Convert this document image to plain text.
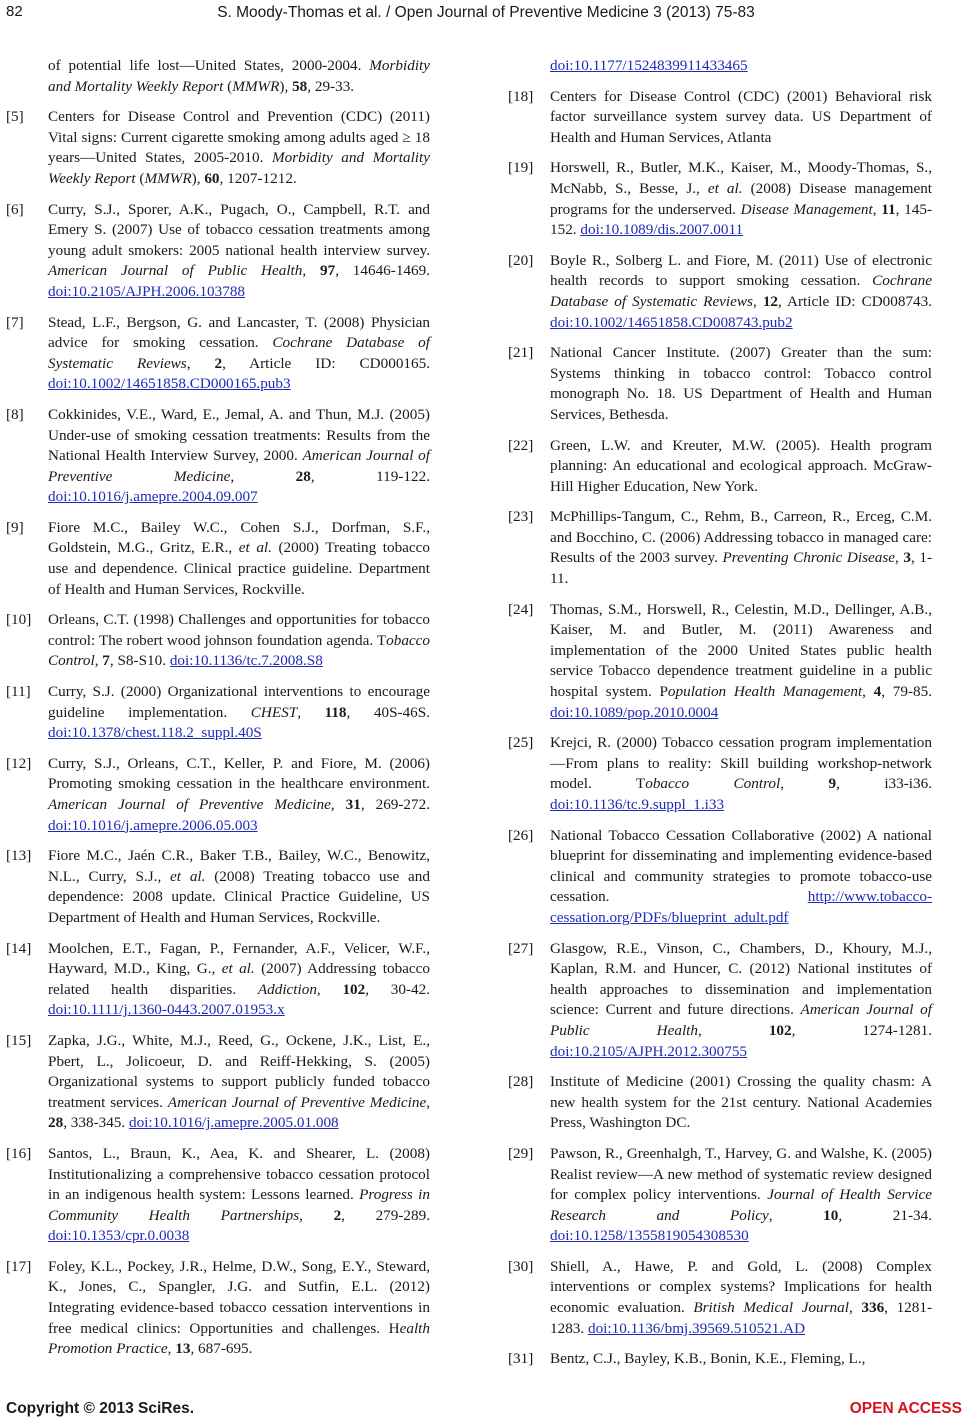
82	S. Moody-Thomas et al. / Open Journal of Preventive Medicine 3 (2013) 75-83
of potential life lost—United States, 2000-2004. Morbidity and Mortality Weekly Report (MMWR), 58, 29-33.
[5] Centers for Disease Control and Prevention (CDC) (2011) Vital signs: Current cigarette smoking among adults aged ≥ 18 years—United States, 2005-2010. Morbidity and Mortality Weekly Report (MMWR), 60, 1207-1212.
[6] Curry, S.J., Sporer, A.K., Pugach, O., Campbell, R.T. and Emery S. (2007) Use of tobacco cessation treatments among young adult smokers: 2005 national health interview survey. American Journal of Public Health, 97, 14646-1469. doi:10.2105/AJPH.2006.103788
[7] Stead, L.F., Bergson, G. and Lancaster, T. (2008) Physician advice for smoking cessation. Cochrane Database of Systematic Reviews, 2, Article ID: CD000165. doi:10.1002/14651858.CD000165.pub3
[8] Cokkinides, V.E., Ward, E., Jemal, A. and Thun, M.J. (2005) Under-use of smoking cessation treatments: Results from the National Health Interview Survey, 2000. American Journal of Preventive Medicine, 28, 119-122. doi:10.1016/j.amepre.2004.09.007
[9] Fiore M.C., Bailey W.C., Cohen S.J., Dorfman, S.F., Goldstein, M.G., Gritz, E.R., et al. (2000) Treating tobacco use and dependence. Clinical practice guideline. Department of Health and Human Services, Rockville.
[10] Orleans, C.T. (1998) Challenges and opportunities for tobacco control: The robert wood johnson foundation agenda. Tobacco Control, 7, S8-S10. doi:10.1136/tc.7.2008.S8
[11] Curry, S.J. (2000) Organizational interventions to encourage guideline implementation. CHEST, 118, 40S-46S. doi:10.1378/chest.118.2_suppl.40S
[12] Curry, S.J., Orleans, C.T., Keller, P. and Fiore, M. (2006) Promoting smoking cessation in the healthcare environment. American Journal of Preventive Medicine, 31, 269-272. doi:10.1016/j.amepre.2006.05.003
[13] Fiore M.C., Jaén C.R., Baker T.B., Bailey, W.C., Benowitz, N.L., Curry, S.J., et al. (2008) Treating tobacco use and dependence: 2008 update. Clinical Practice Guideline, US Department of Health and Human Services, Rockville.
[14] Moolchen, E.T., Fagan, P., Fernander, A.F., Velicer, W.F., Hayward, M.D., King, G., et al. (2007) Addressing tobacco related health disparities. Addiction, 102, 30-42. doi:10.1111/j.1360-0443.2007.01953.x
[15] Zapka, J.G., White, M.J., Reed, G., Ockene, J.K., List, E., Pbert, L., Jolicoeur, D. and Reiff-Hekking, S. (2005) Organizational systems to support publicly funded tobacco treatment services. American Journal of Preventive Medicine, 28, 338-345. doi:10.1016/j.amepre.2005.01.008
[16] Santos, L., Braun, K., Aea, K. and Shearer, L. (2008) Institutionalizing a comprehensive tobacco cessation protocol in an indigenous health system: Lessons learned. Progress in Community Health Partnerships, 2, 279-289. doi:10.1353/cpr.0.0038
[17] Foley, K.L., Pockey, J.R., Helme, D.W., Song, E.Y., Steward, K., Jones, C., Spangler, J.G. and Sutfin, E.L. (2012) Integrating evidence-based tobacco cessation interventions in free medical clinics: Opportunities and challenges. Health Promotion Practice, 13, 687-695.
doi:10.1177/1524839911433465
[18] Centers for Disease Control (CDC) (2001) Behavioral risk factor surveillance system survey data. US Department of Health and Human Services, Atlanta
[19] Horswell, R., Butler, M.K., Kaiser, M., Moody-Thomas, S., McNabb, S., Besse, J., et al. (2008) Disease management programs for the underserved. Disease Management, 11, 145-152. doi:10.1089/dis.2007.0011
[20] Boyle R., Solberg L. and Fiore, M. (2011) Use of electronic health records to support smoking cessation. Cochrane Database of Systematic Reviews, 12, Article ID: CD008743. doi:10.1002/14651858.CD008743.pub2
[21] National Cancer Institute. (2007) Greater than the sum: Systems thinking in tobacco control: Tobacco control monograph No. 18. US Department of Health and Human Services, Bethesda.
[22] Green, L.W. and Kreuter, M.W. (2005). Health program planning: An educational and ecological approach. McGraw-Hill Higher Education, New York.
[23] McPhillips-Tangum, C., Rehm, B., Carreon, R., Erceg, C.M. and Bocchino, C. (2006) Addressing tobacco in managed care: Results of the 2003 survey. Preventing Chronic Disease, 3, 1-11.
[24] Thomas, S.M., Horswell, R., Celestin, M.D., Dellinger, A.B., Kaiser, M. and Butler, M. (2011) Awareness and implementation of the 2000 United States public health service Tobacco dependence treatment guideline in a public hospital system. Population Health Management, 4, 79-85. doi:10.1089/pop.2010.0004
[25] Krejci, R. (2000) Tobacco cessation program implementation—From plans to reality: Skill building workshop-network model. Tobacco Control, 9, i33-i36. doi:10.1136/tc.9.suppl_1.i33
[26] National Tobacco Cessation Collaborative (2002) A national blueprint for disseminating and implementing evidence-based clinical and community strategies to promote tobacco-use cessation. http://www.tobacco-cessation.org/PDFs/blueprint_adult.pdf
[27] Glasgow, R.E., Vinson, C., Chambers, D., Khoury, M.J., Kaplan, R.M. and Huncer, C. (2012) National institutes of health approaches to dissemination and implementation science: Current and future directions. American Journal of Public Health, 102, 1274-1281. doi:10.2105/AJPH.2012.300755
[28] Institute of Medicine (2001) Crossing the quality chasm: A new health system for the 21st century. National Academies Press, Washington DC.
[29] Pawson, R., Greenhalgh, T., Harvey, G. and Walshe, K. (2005) Realist review—A new method of systematic review designed for complex policy interventions. Journal of Health Service Research and Policy, 10, 21-34. doi:10.1258/1355819054308530
[30] Shiell, A., Hawe, P. and Gold, L. (2008) Complex interventions or complex systems? Implications for health economic evaluation. British Medical Journal, 336, 1281-1283. doi:10.1136/bmj.39569.510521.AD
[31] Bentz, C.J., Bayley, K.B., Bonin, K.E., Fleming, L.,
Copyright © 2013 SciRes.	OPEN ACCESS
